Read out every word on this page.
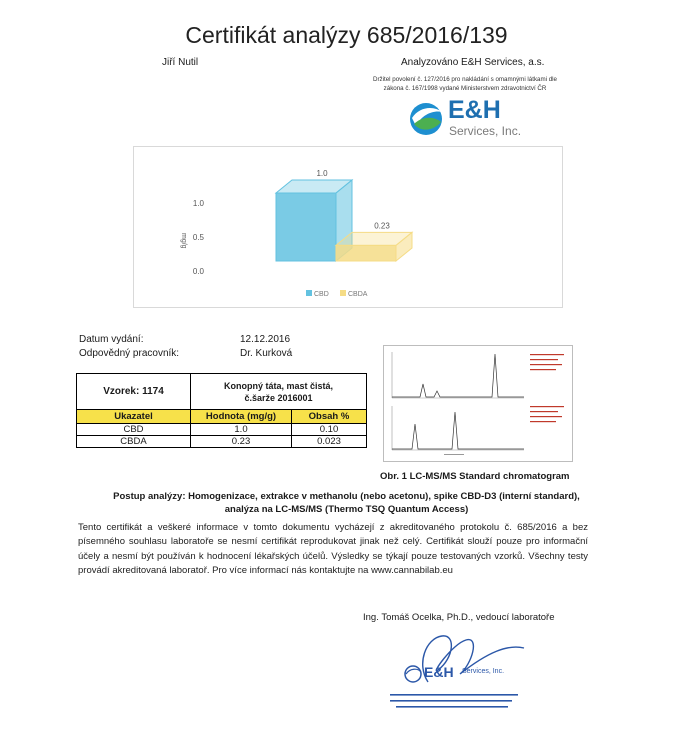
Certifikát analýzy 685/2016/139
Jiří Nutil	Analyzováno E&H Services, a.s.
Držitel povolení č. 127/2016 pro nakládání s omamnými látkami dle
zákona č. 167/1998 vydané Ministerstvem zdravotnictví ČR
E&H
Services, Inc.
0.0
0.5
1.0
mg/g
1.0
0.23
CBD	CBDA
Datum vydání:	12.12.2016
Odpovědný pracovník:	Dr. Kurková
Vzorek: 1174	Konopný táta, mast čistá, č.šarže 2016001	
Ukazatel	Hodnota (mg/g)	Obsah %
CBD	1.0	0.10
CBDA	0.23	0.023
Obr. 1 LC-MS/MS Standard chromatogram
Postup analýzy: Homogenizace, extrakce v methanolu (nebo acetonu), spike CBD-D3 (interní standard),
analýza na LC-MS/MS (Thermo TSQ Quantum Access)
Tento certifikát a veškeré informace v tomto dokumentu vycházejí z akreditovaného protokolu č. 685/2016 a bez písemného souhlasu laboratoře se nesmí certifikát reprodukovat jinak než celý. Certifikát slouží pouze pro informační účely a nesmí být používán k hodnocení lékařských účelů. Výsledky se týkají pouze testovaných vzorků. Všechny testy provádí akreditovaná laboratoř. Pro více informací nás kontaktujte na www.cannabilab.eu
Ing. Tomáš Ocelka, Ph.D., vedoucí laboratoře
E&H Services, Inc.
